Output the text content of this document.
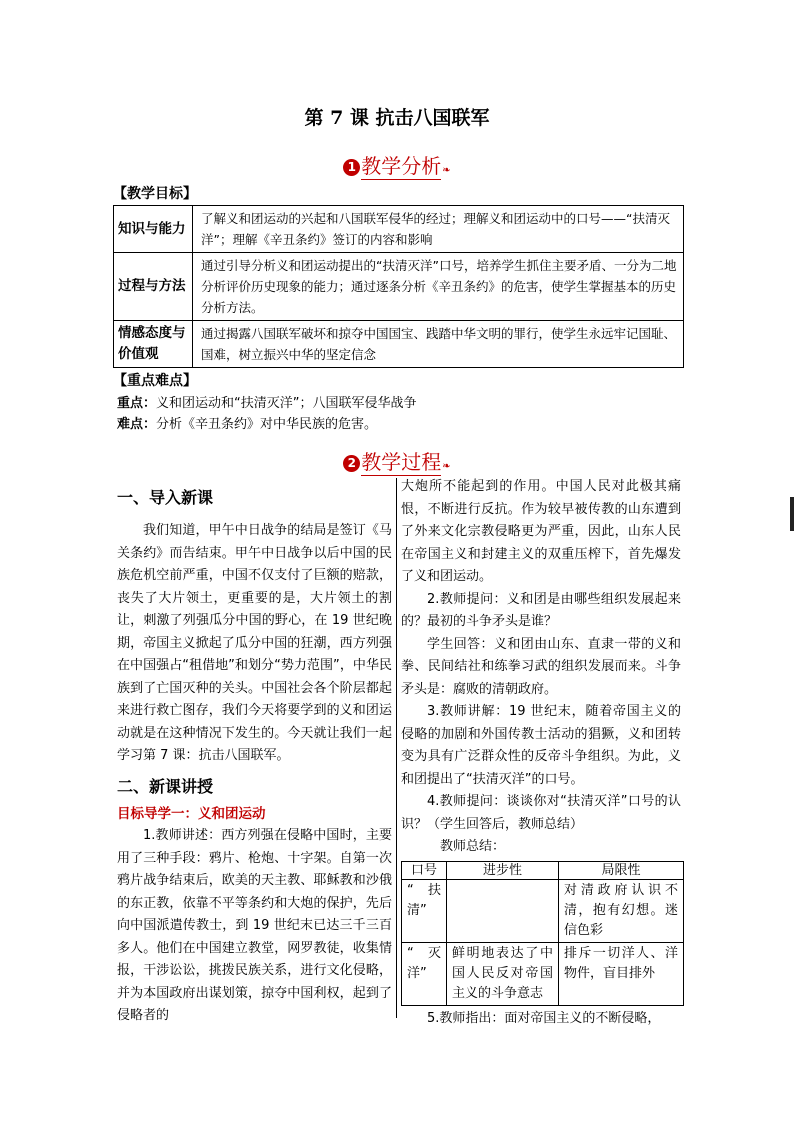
第 7 课 抗击八国联军
1 教学分析❧
【教学目标】
知识与能力	了解义和团运动的兴起和八国联军侵华的经过；理解义和团运动中的口号——“扶清灭洋”；理解《辛丑条约》签订的内容和影响
过程与方法	通过引导分析义和团运动提出的“扶清灭洋”口号，培养学生抓住主要矛盾、一分为二地分析评价历史现象的能力；通过逐条分析《辛丑条约》的危害，使学生掌握基本的历史分析方法。
情感态度与价值观	通过揭露八国联军破坏和掠夺中国国宝、践踏中华文明的罪行，使学生永远牢记国耻、国难，树立振兴中华的坚定信念
【重点难点】
重点：义和团运动和“扶清灭洋”；八国联军侵华战争
难点：分析《辛丑条约》对中华民族的危害。
2 教学过程❧
一、导入新课

我们知道，甲午中日战争的结局是签订《马关条约》而告结束。甲午中日战争以后中国的民族危机空前严重，中国不仅支付了巨额的赔款，丧失了大片领土，更重要的是，大片领土的割让，刺激了列强瓜分中国的野心，在 19 世纪晚期，帝国主义掀起了瓜分中国的狂潮，西方列强在中国强占“租借地”和划分“势力范围”，中华民族到了亡国灭种的关头。中国社会各个阶层都起来进行救亡图存，我们今天将要学到的义和团运动就是在这种情况下发生的。今天就让我们一起学习第 7 课：抗击八国联军。

二、新课讲授
目标导学一：义和团运动

1.教师讲述：西方列强在侵略中国时，主要用了三种手段：鸦片、枪炮、十字架。自第一次鸦片战争结束后，欧美的天主教、耶稣教和沙俄的东正教，依靠不平等条约和大炮的保护，先后向中国派遣传教士，到 19 世纪末已达三千三百多人。他们在中国建立教堂，网罗教徒，收集情报，干涉讼讼，挑拨民族关系，进行文化侵略，并为本国政府出谋划策，掠夺中国利权，起到了侵略者的

大炮所不能起到的作用。中国人民对此极其痛恨，不断进行反抗。作为较早被传教的山东遭到了外来文化宗教侵略更为严重，因此，山东人民在帝国主义和封建主义的双重压榨下，首先爆发了义和团运动。

2.教师提问：义和团是由哪些组织发展起来的？最初的斗争矛头是谁？

学生回答：义和团由山东、直隶一带的义和拳、民间结社和练拳习武的组织发展而来。斗争矛头是：腐败的清朝政府。

3.教师讲解：19 世纪末，随着帝国主义的侵略的加剧和外国传教士活动的猖獗，义和团转变为具有广泛群众性的反帝斗争组织。为此，义和团提出了“扶清灭洋”的口号。

4.教师提问：谈谈你对“扶清灭洋”口号的认识？（学生回答后，教师总结）

教师总结：

口号	进步性	局限性
“扶清”		对清政府认识不清，抱有幻想。迷信色彩
“灭洋”	鲜明地表达了中国人民反对帝国主义的斗争意志	排斥一切洋人、洋物件，盲目排外

5.教师指出：面对帝国主义的不断侵略，
